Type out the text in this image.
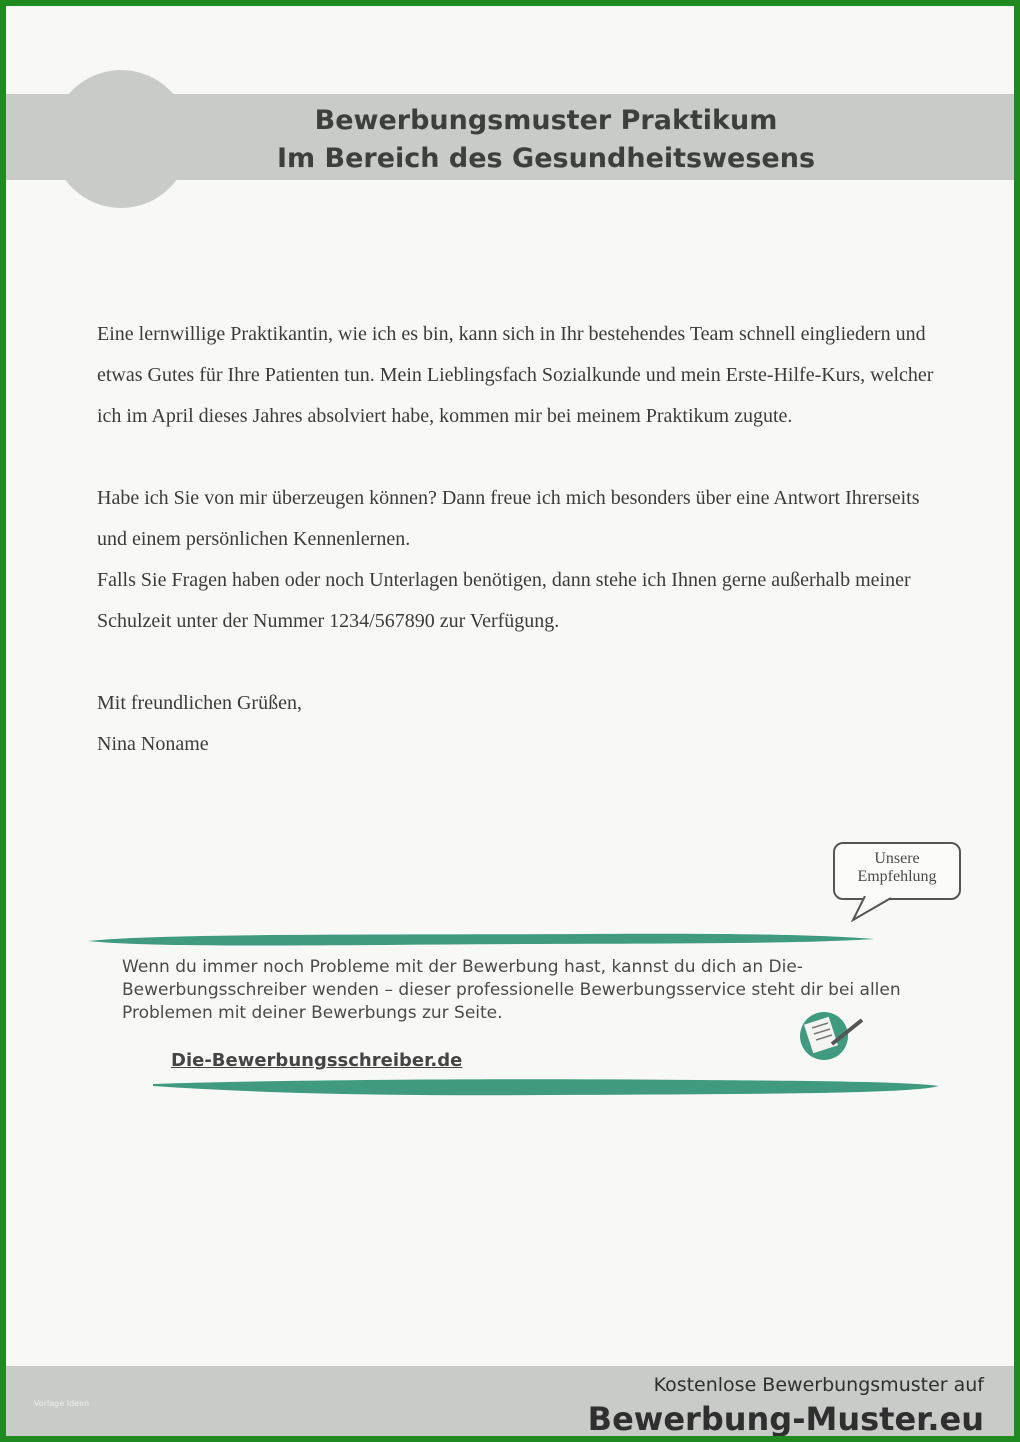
Bewerbungsmuster Praktikum
Im Bereich des Gesundheitswesens

Eine lernwillige Praktikantin, wie ich es bin, kann sich in Ihr bestehendes Team schnell eingliedern und etwas Gutes für Ihre Patienten tun. Mein Lieblingsfach Sozialkunde und mein Erste-Hilfe-Kurs, welcher ich im April dieses Jahres absolviert habe, kommen mir bei meinem Praktikum zugute.

Habe ich Sie von mir überzeugen können? Dann freue ich mich besonders über eine Antwort Ihrerseits und einem persönlichen Kennenlernen.

Falls Sie Fragen haben oder noch Unterlagen benötigen, dann stehe ich Ihnen gerne außerhalb meiner Schulzeit unter der Nummer 1234/567890 zur Verfügung.

Mit freundlichen Grüßen,

Nina Noname

Unsere
Empfehlung
Wenn du immer noch Probleme mit der Bewerbung hast, kannst du dich an Die-Bewerbungsschreiber wenden – dieser professionelle Bewerbungsservice steht dir bei allen Problemen mit deiner Bewerbungs zur Seite.
Die-Bewerbungsschreiber.de
Vorlage Ideen
Kostenlose Bewerbungsmuster auf
Bewerbung-Muster.eu
